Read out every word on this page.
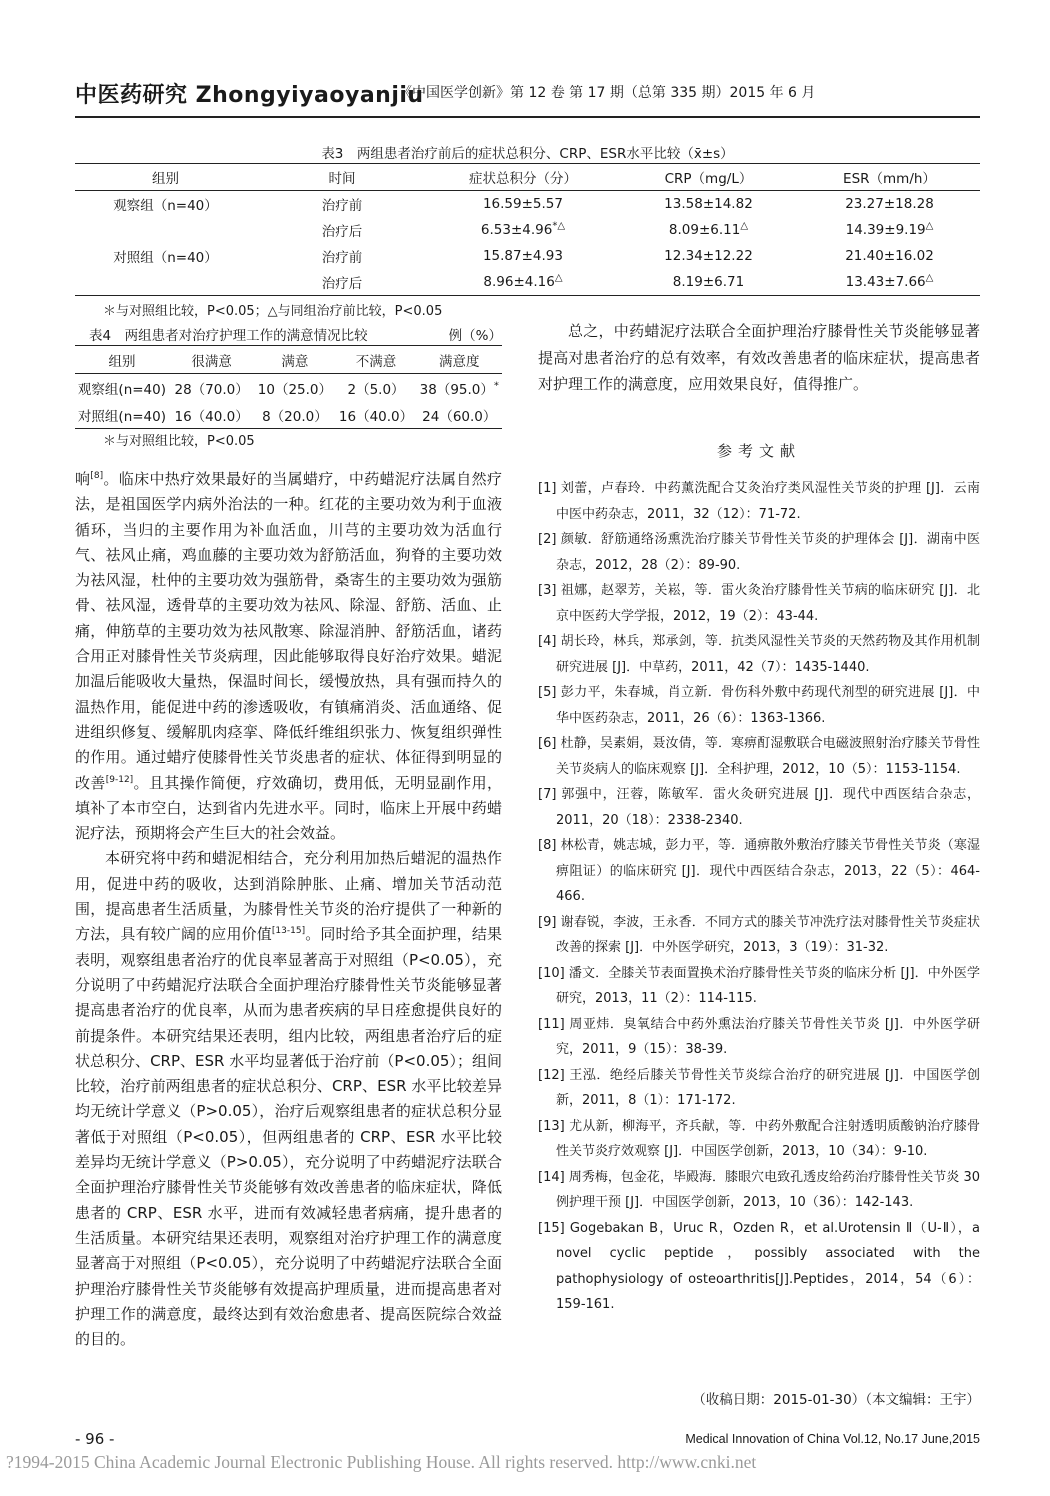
中医药研究 Zhongyiyaoyanjiu
《中国医学创新》第 12 卷 第 17 期（总第 335 期）2015 年 6 月
表3　两组患者治疗前后的症状总积分、CRP、ESR水平比较（x̄±s）
组别	时间	症状总积分（分）	CRP（mg/L）	ESR（mm/h）
观察组（n=40）	治疗前	16.59±5.57	13.58±14.82	23.27±18.28
	治疗后	6.53±4.96*△	8.09±6.11△	14.39±9.19△
对照组（n=40）	治疗前	15.87±4.93	12.34±12.22	21.40±16.02
	治疗后	8.96±4.16△	8.19±6.71	13.43±7.66△
＊与对照组比较，P<0.05；△与同组治疗前比较，P<0.05
表4　两组患者对治疗护理工作的满意情况比较	例（%）
组别	很满意	满意	不满意	满意度
观察组(n=40)	28（70.0）	10（25.0）	2（5.0）	38（95.0）*
对照组(n=40)	16（40.0）	8（20.0）	16（40.0）	24（60.0）
＊与对照组比较，P<0.05

响[8]。临床中热疗效果最好的当属蜡疗，中药蜡泥疗法属自然疗法，是祖国医学内病外治法的一种。红花的主要功效为利于血液循环，当归的主要作用为补血活血，川芎的主要功效为活血行气、祛风止痛，鸡血藤的主要功效为舒筋活血，狗脊的主要功效为祛风湿，杜仲的主要功效为强筋骨，桑寄生的主要功效为强筋骨、祛风湿，透骨草的主要功效为祛风、除湿、舒筋、活血、止痛，伸筋草的主要功效为祛风散寒、除湿消肿、舒筋活血，诸药合用正对膝骨性关节炎病理，因此能够取得良好治疗效果。蜡泥加温后能吸收大量热，保温时间长，缓慢放热，具有强而持久的温热作用，能促进中药的渗透吸收，有镇痛消炎、活血通络、促进组织修复、缓解肌肉痉挛、降低纤维组织张力、恢复组织弹性的作用。通过蜡疗使膝骨性关节炎患者的症状、体征得到明显的改善[9-12]。且其操作简便，疗效确切，费用低，无明显副作用，填补了本市空白，达到省内先进水平。同时，临床上开展中药蜡泥疗法，预期将会产生巨大的社会效益。

本研究将中药和蜡泥相结合，充分利用加热后蜡泥的温热作用，促进中药的吸收，达到消除肿胀、止痛、增加关节活动范围，提高患者生活质量，为膝骨性关节炎的治疗提供了一种新的方法，具有较广阔的应用价值[13-15]。同时给予其全面护理，结果表明，观察组患者治疗的优良率显著高于对照组（P<0.05），充分说明了中药蜡泥疗法联合全面护理治疗膝骨性关节炎能够显著提高患者治疗的优良率，从而为患者疾病的早日痊愈提供良好的前提条件。本研究结果还表明，组内比较，两组患者治疗后的症状总积分、CRP、ESR 水平均显著低于治疗前（P<0.05）；组间比较，治疗前两组患者的症状总积分、CRP、ESR 水平比较差异均无统计学意义（P>0.05），治疗后观察组患者的症状总积分显著低于对照组（P<0.05），但两组患者的 CRP、ESR 水平比较差异均无统计学意义（P>0.05），充分说明了中药蜡泥疗法联合全面护理治疗膝骨性关节炎能够有效改善患者的临床症状，降低患者的 CRP、ESR 水平，进而有效减轻患者病痛，提升患者的生活质量。本研究结果还表明，观察组对治疗护理工作的满意度显著高于对照组（P<0.05），充分说明了中药蜡泥疗法联合全面护理治疗膝骨性关节炎能够有效提高护理质量，进而提高患者对护理工作的满意度，最终达到有效治愈患者、提高医院综合效益的目的。

总之，中药蜡泥疗法联合全面护理治疗膝骨性关节炎能够显著提高对患者治疗的总有效率，有效改善患者的临床症状，提高患者对护理工作的满意度，应用效果良好，值得推广。

参考文献
[1] 刘蕾，卢春玲．中药薰洗配合艾灸治疗类风湿性关节炎的护理 [J]．云南中医中药杂志，2011，32（12）：71-72.
[2] 颜敏．舒筋通络汤熏洗治疗膝关节骨性关节炎的护理体会 [J]．湖南中医杂志，2012，28（2）：89-90.
[3] 祖娜，赵翠芳，关崧，等．雷火灸治疗膝骨性关节病的临床研究 [J]．北京中医药大学学报，2012，19（2）：43-44.
[4] 胡长玲，林兵，郑承剑，等．抗类风湿性关节炎的天然药物及其作用机制研究进展 [J]．中草药，2011，42（7）：1435-1440.
[5] 彭力平，朱春城，肖立新．骨伤科外敷中药现代剂型的研究进展 [J]．中华中医药杂志，2011，26（6）：1363-1366.
[6] 杜静，吴素娟，聂汝倩，等．寒痹酊湿敷联合电磁波照射治疗膝关节骨性关节炎病人的临床观察 [J]．全科护理，2012，10（5）：1153-1154.
[7] 郭强中，汪蓉，陈敏军．雷火灸研究进展 [J]．现代中西医结合杂志，2011，20（18）：2338-2340.
[8] 林松青，姚志城，彭力平，等．通痹散外敷治疗膝关节骨性关节炎（寒湿痹阻证）的临床研究 [J]．现代中西医结合杂志，2013，22（5）：464-466.
[9] 谢春锐，李波，王永香．不同方式的膝关节冲洗疗法对膝骨性关节炎症状改善的探索 [J]．中外医学研究，2013，3（19）：31-32.
[10] 潘文．全膝关节表面置换术治疗膝骨性关节炎的临床分析 [J]．中外医学研究，2013，11（2）：114-115.
[11] 周亚炜．臭氧结合中药外熏法治疗膝关节骨性关节炎 [J]．中外医学研究，2011，9（15）：38-39.
[12] 王泓．绝经后膝关节骨性关节炎综合治疗的研究进展 [J]．中国医学创新，2011，8（1）：171-172.
[13] 尤从新，柳海平，齐兵献，等．中药外敷配合注射透明质酸钠治疗膝骨性关节炎疗效观察 [J]．中国医学创新，2013，10（34）：9-10.
[14] 周秀梅，包金花，毕殿海．膝眼穴电致孔透皮给药治疗膝骨性关节炎 30 例护理干预 [J]．中国医学创新，2013，10（36）：142-143.
[15] Gogebakan B，Uruc R，Ozden R，et al.Urotensin Ⅱ（U-Ⅱ），a novel cyclic peptide，possibly associated with the pathophysiology of osteoarthritis[J].Peptides，2014，54（6）：159-161.
（收稿日期：2015-01-30）（本文编辑：王宇）
- 96 -	Medical Innovation of China Vol.12, No.17 June,2015
?1994-2015 China Academic Journal Electronic Publishing House. All rights reserved. http://www.cnki.net
